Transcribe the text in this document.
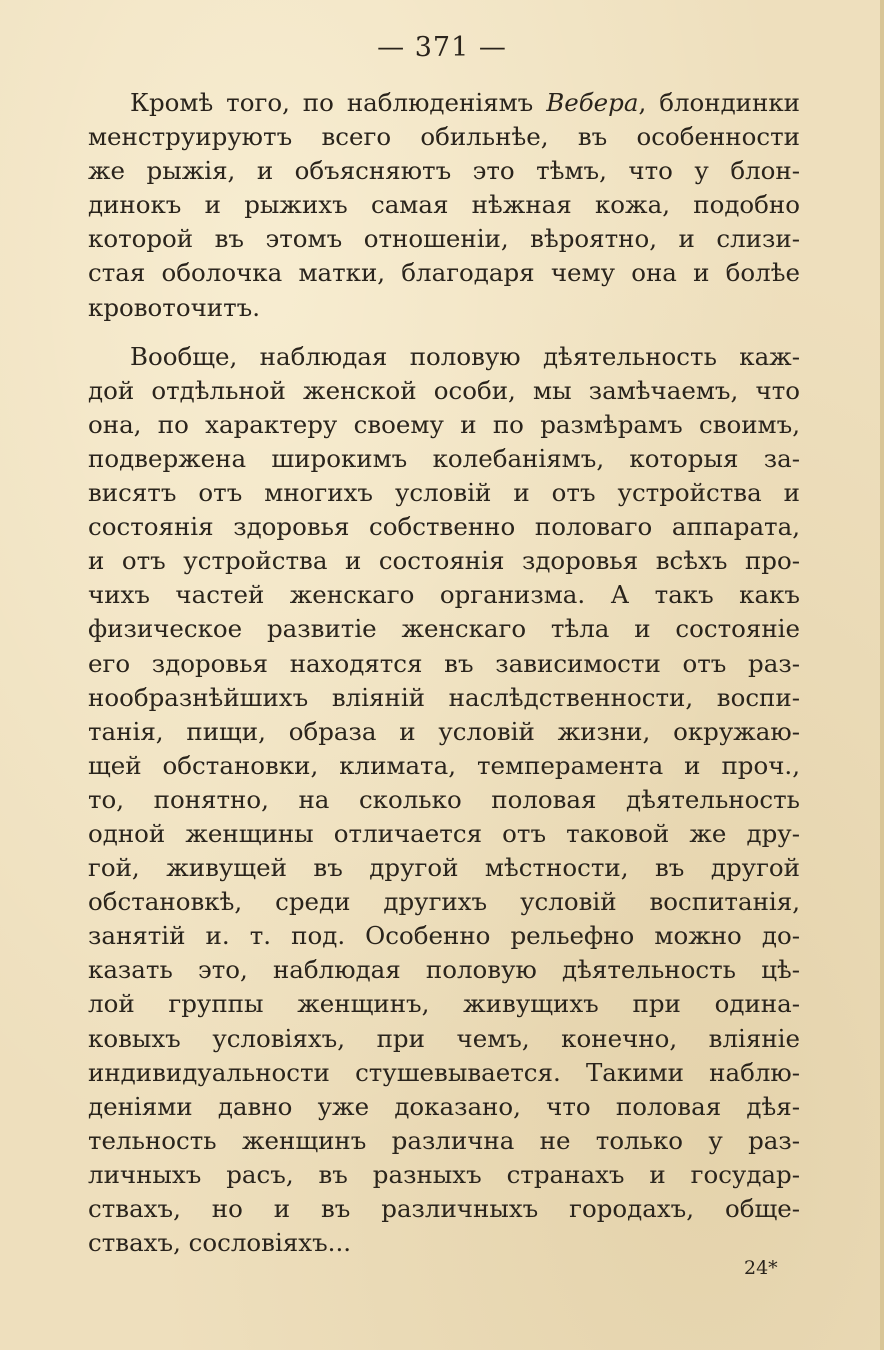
— 371 —
Кромѣ того, по наблюденіямъ Вебера, блондинки
менструируютъ всего обильнѣе, въ особенности
же рыжія, и объясняютъ это тѣмъ, что у блон-
динокъ и рыжихъ самая нѣжная кожа, подобно
которой въ этомъ отношеніи, вѣроятно, и слизи-
стая оболочка матки, благодаря чему она и болѣе
кровоточитъ.
Вообще, наблюдая половую дѣятельность каж-
дой отдѣльной женской особи, мы замѣчаемъ, что
она, по характеру своему и по размѣрамъ своимъ,
подвержена широкимъ колебаніямъ, которыя за-
висятъ отъ многихъ условій и отъ устройства и
состоянія здоровья собственно половаго аппарата,
и отъ устройства и состоянія здоровья всѣхъ про-
чихъ частей женскаго организма. А такъ какъ
физическое развитіе женскаго тѣла и состояніе
его здоровья находятся въ зависимости отъ раз-
нообразнѣйшихъ вліяній наслѣдственности, воспи-
танія, пищи, образа и условій жизни, окружаю-
щей обстановки, климата, темперамента и проч.,
то, понятно, на сколько половая дѣятельность
одной женщины отличается отъ таковой же дру-
гой, живущей въ другой мѣстности, въ другой
обстановкѣ, среди другихъ условій воспитанія,
занятій и. т. под. Особенно рельефно можно до-
казать это, наблюдая половую дѣятельность цѣ-
лой группы женщинъ, живущихъ при одина-
ковыхъ условіяхъ, при чемъ, конечно, вліяніе
индивидуальности стушевывается. Такими наблю-
деніями давно уже доказано, что половая дѣя-
тельность женщинъ различна не только у раз-
личныхъ расъ, въ разныхъ странахъ и государ-
ствахъ, но и въ различныхъ городахъ, обще-
ствахъ, сословіяхъ...
24*
